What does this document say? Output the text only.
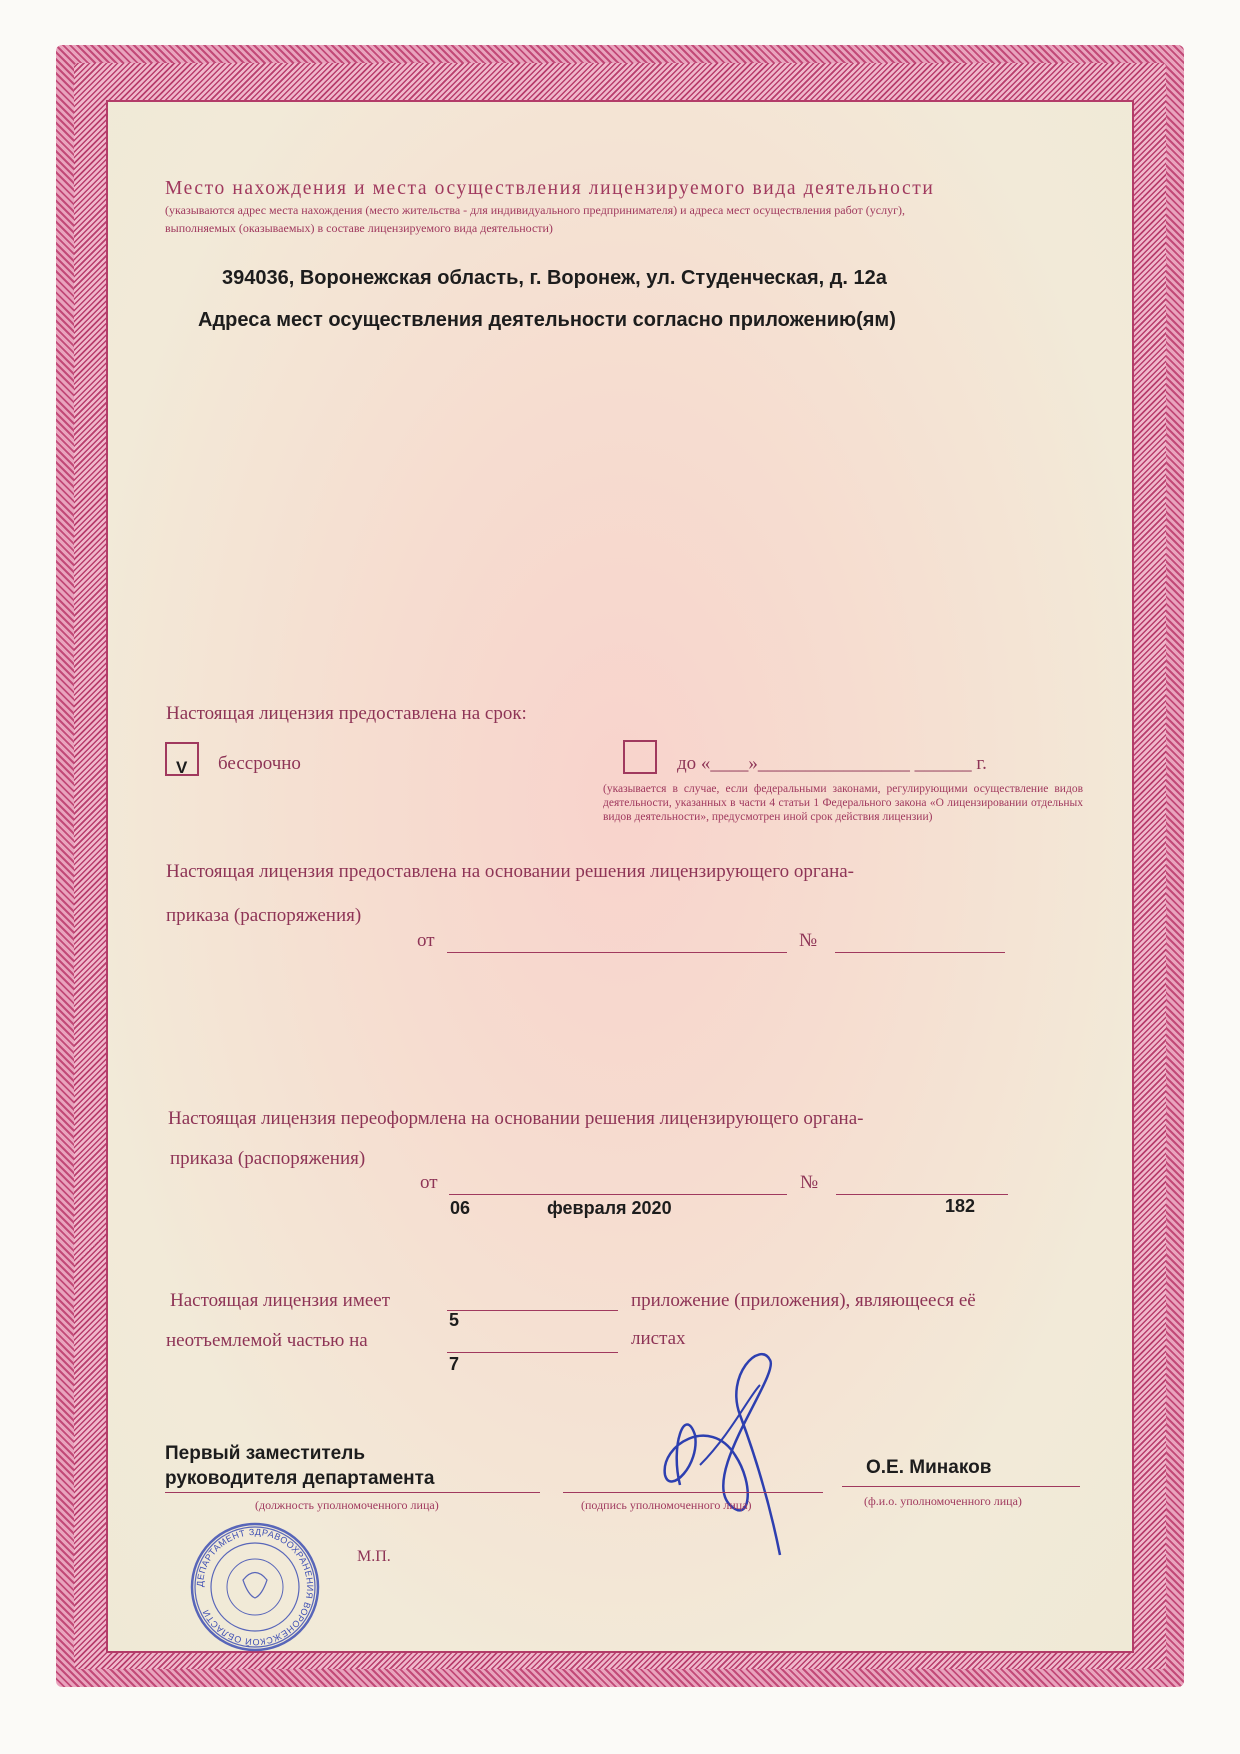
Место нахождения и места осуществления лицензируемого вида деятельности
(указываются адрес места нахождения (место жительства - для индивидуального предпринимателя) и адреса мест осуществления работ (услуг),
выполняемых (оказываемых) в составе лицензируемого вида деятельности)
394036, Воронежская область, г. Воронеж, ул. Студенческая, д. 12а
Адреса мест осуществления деятельности согласно приложению(ям)
Настоящая лицензия предоставлена на срок:
V бессрочно	до «____»________________ ______ г.
(указывается в случае, если федеральными законами, регулирующими осуществление видов деятельности, указанных в части 4 статьи 1 Федерального закона «О лицензировании отдельных видов деятельности», предусмотрен иной срок действия лицензии)
Настоящая лицензия предоставлена на основании решения лицензирующего органа-
приказа (распоряжения)
от	№
Настоящая лицензия переоформлена на основании решения лицензирующего органа-
приказа (распоряжения)
от	№
06	февраля 2020	182
Настоящая лицензия имеет	приложение (приложения), являющееся её
5
неотъемлемой частью на	листах
7
ДЕПАРТАМЕНТ ЗДРАВООХРАНЕНИЯ ВОРОНЕЖСКОЙ ОБЛАСТИ
Первый заместитель
руководителя департамента
(должность уполномоченного лица)	(подпись уполномоченного лица)
О.Е. Минаков
(ф.и.о. уполномоченного лица)
М.П.
